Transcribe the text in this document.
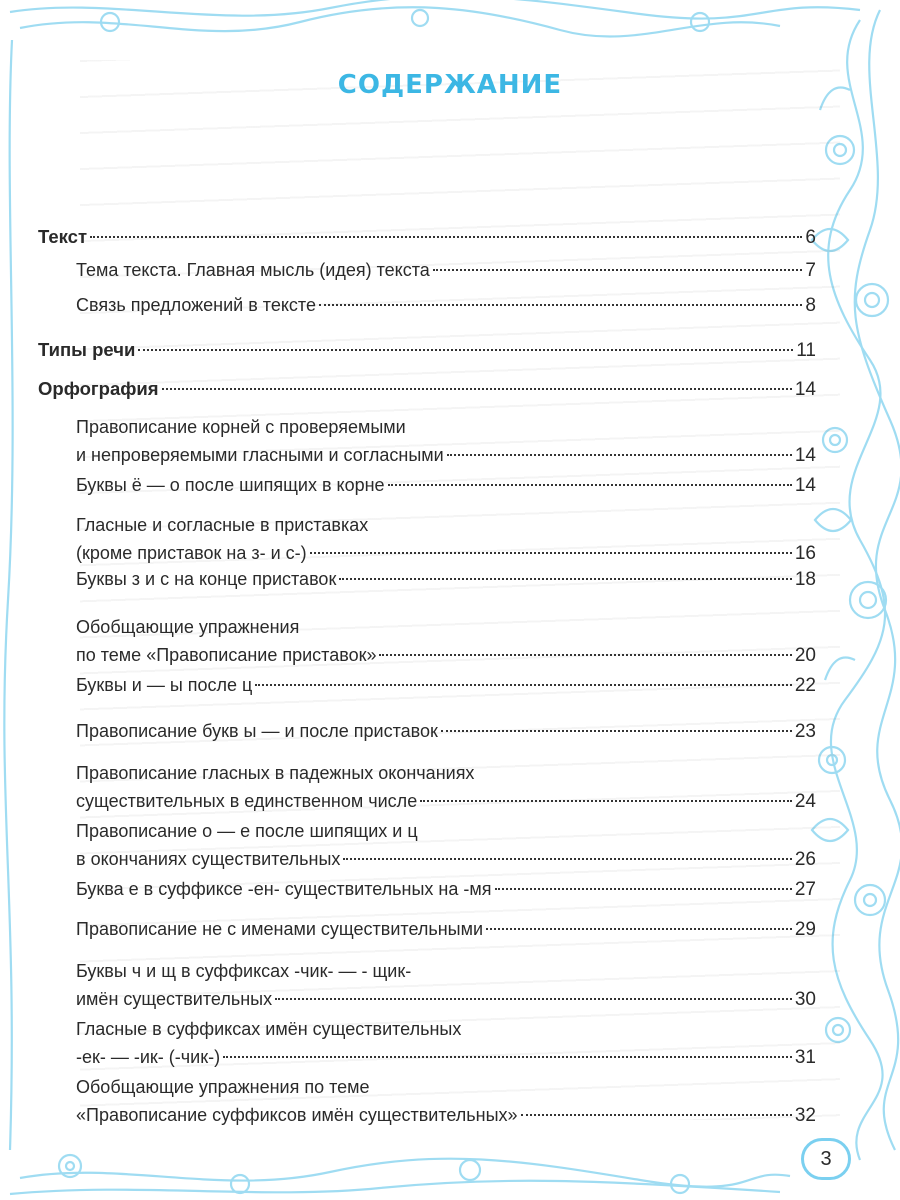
СОДЕРЖАНИЕ
Текст	6
Тема текста. Главная мысль (идея) текста	7
Связь предложений в тексте	8
Типы речи	11
Орфография	14
Правописание корней с проверяемыми
и непроверяемыми гласными и согласными	14
Буквы ё — о после шипящих в корне	14
Гласные и согласные в приставках
(кроме приставок на з- и с-)	16
Буквы з и с на конце приставок	18
Обобщающие упражнения
по теме «Правописание приставок»	20
Буквы и — ы после ц	22
Правописание букв ы — и после приставок	23
Правописание гласных в падежных окончаниях
существительных в единственном числе	24
Правописание о — е после шипящих и ц
в окончаниях существительных	26
Буква е в суффиксе -ен- существительных на -мя	27
Правописание не с именами существительными	29
Буквы ч и щ в суффиксах -чик- — - щик-
имён существительных	30
Гласные в суффиксах имён существительных
-ек- — -ик- (-чик-)	31
Обобщающие упражнения по теме
«Правописание суффиксов имён существительных»	32
3
